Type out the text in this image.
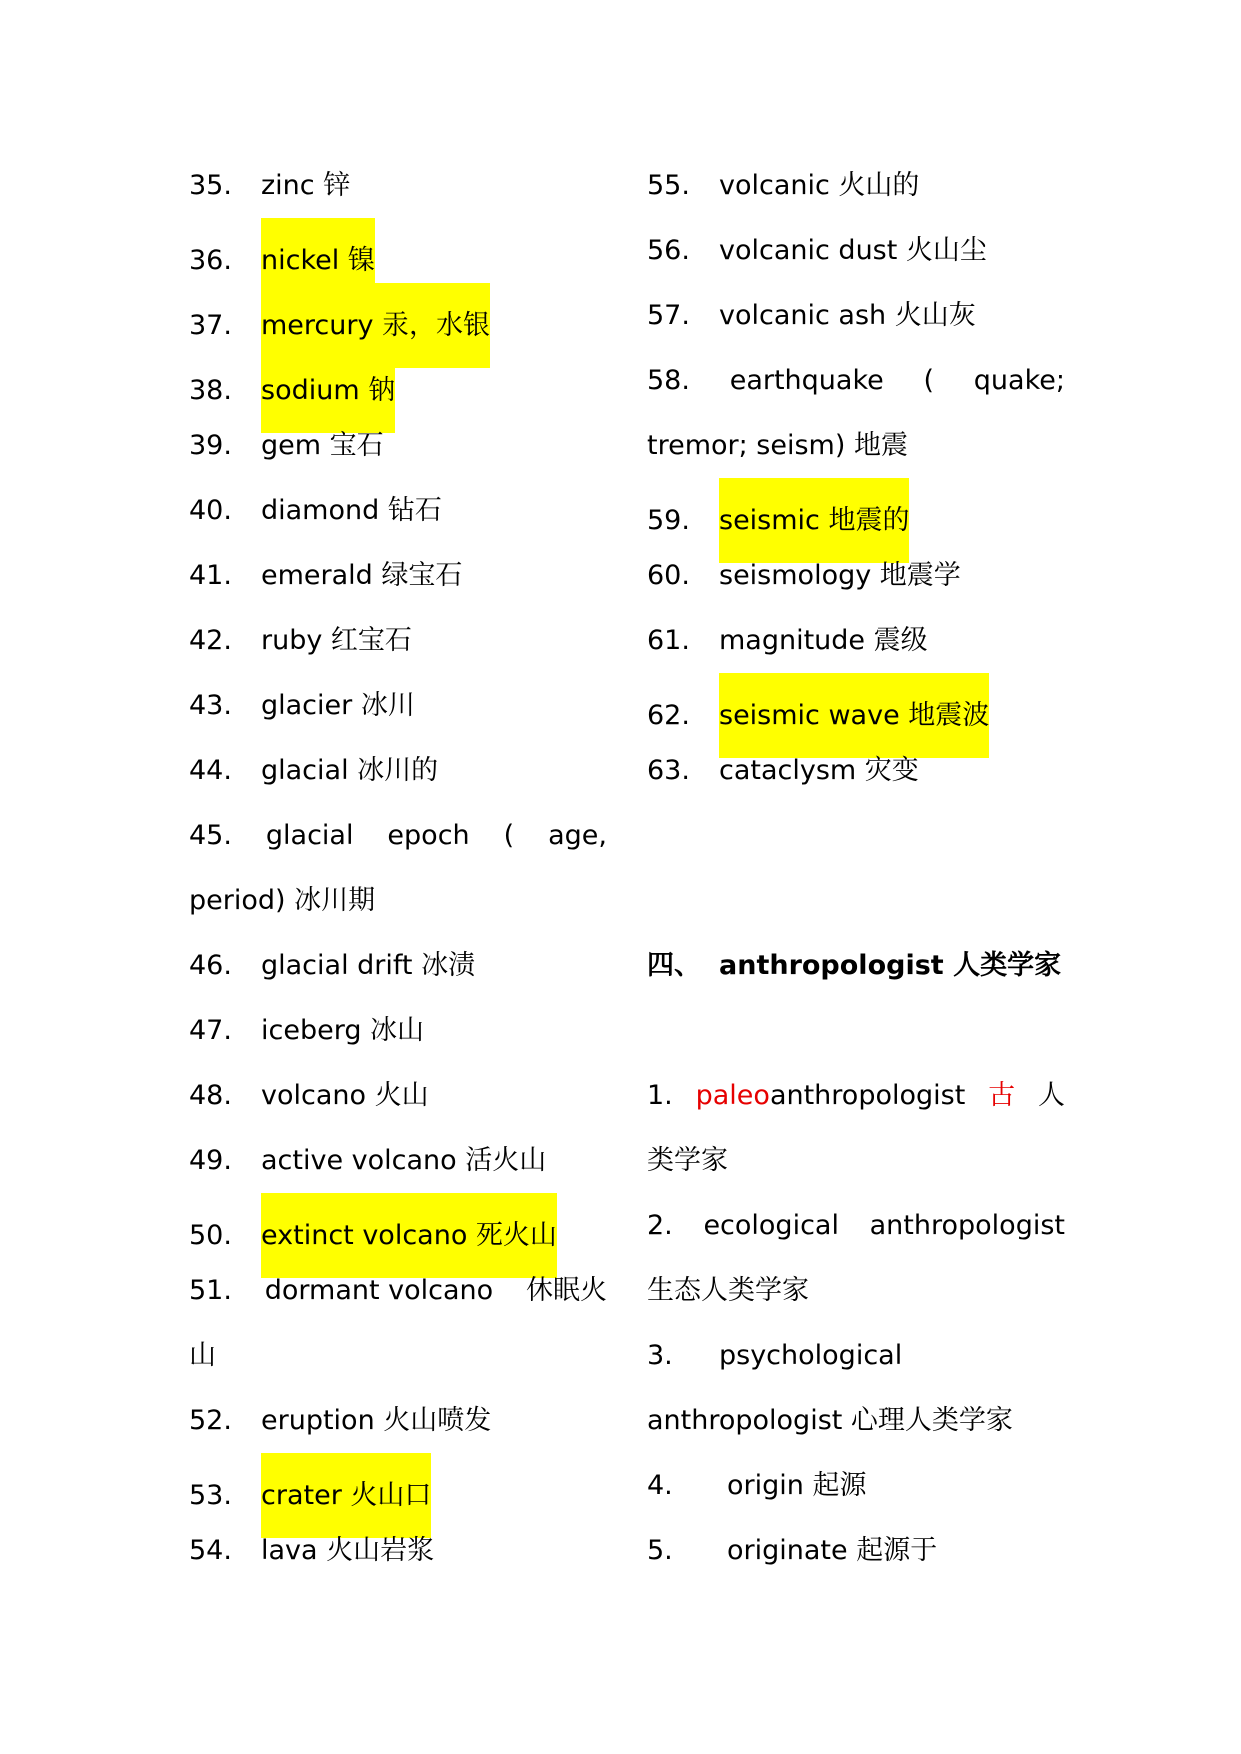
35. zinc 锌
36. nickel 镍
37. mercury 汞，水银
38. sodium 钠
39. gem 宝石
40. diamond 钻石
41. emerald 绿宝石
42. ruby 红宝石
43. glacier 冰川
44. glacial 冰川的
45. glacial epoch ( age,
period) 冰川期
46. glacial drift 冰渍
47. iceberg 冰山
48. volcano 火山
49. active volcano 活火山
50. extinct volcano 死火山
51. dormant volcano 休眠火
山
52. eruption 火山喷发
53. crater 火山口
54. lava 火山岩浆
55. volcanic 火山的
56. volcanic dust 火山尘
57. volcanic ash 火山灰
58. earthquake ( quake;
tremor; seism) 地震
59. seismic 地震的
60. seismology 地震学
61. magnitude 震级
62. seismic wave 地震波
63. cataclysm 灾变
四、 anthropologist 人类学家
1. paleoanthropologist 古 人
类学家
2. ecological anthropologist
生态人类学家
3. psychological
anthropologist 心理人类学家
4. origin 起源
5. originate 起源于
